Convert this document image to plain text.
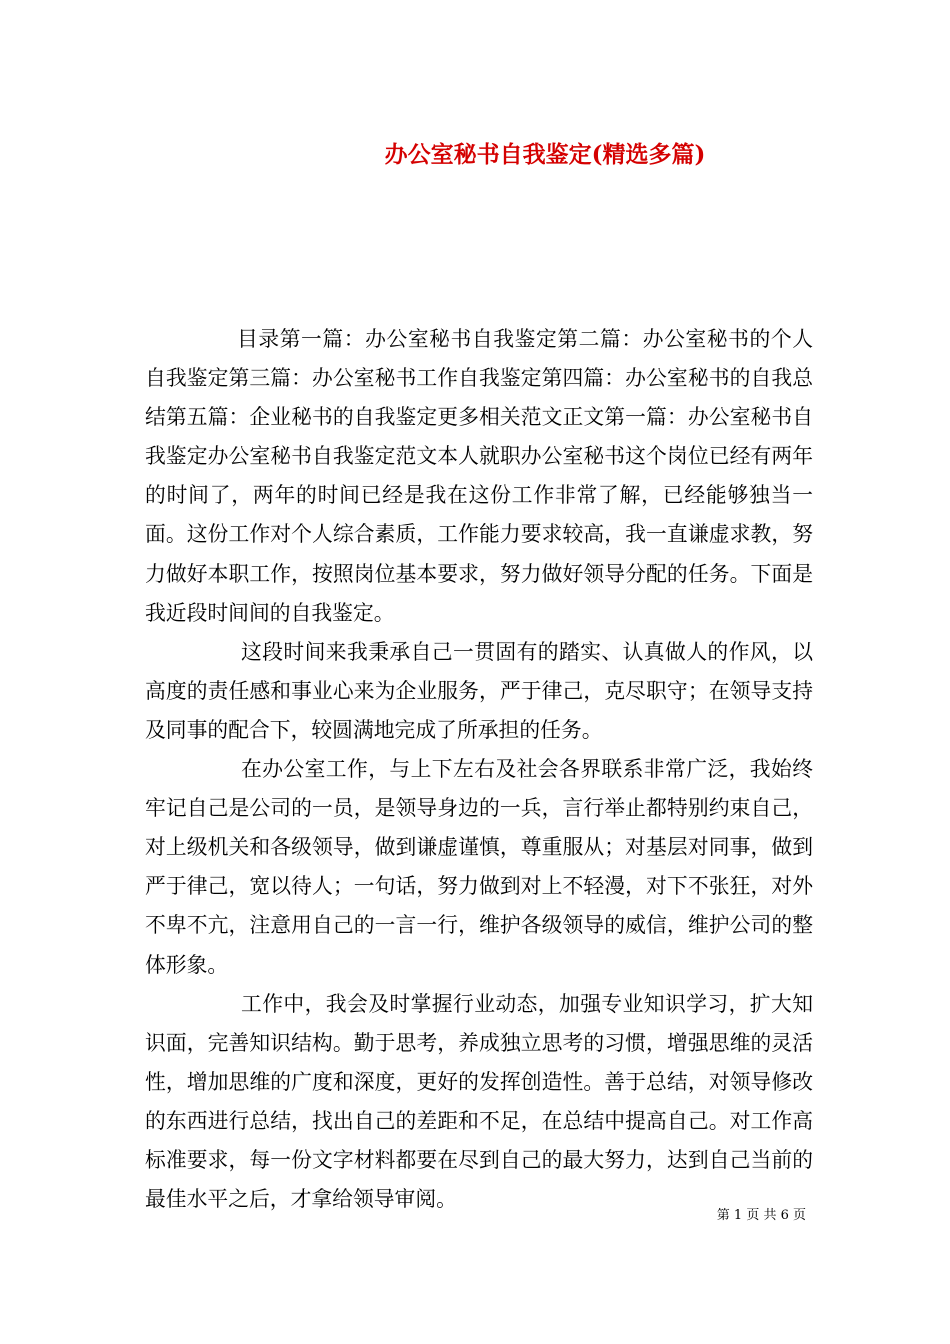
办公室秘书自我鉴定(精选多篇)

目录第一篇：办公室秘书自我鉴定第二篇：办公室秘书的个人自我鉴定第三篇：办公室秘书工作自我鉴定第四篇：办公室秘书的自我总结第五篇：企业秘书的自我鉴定更多相关范文正文第一篇：办公室秘书自我鉴定办公室秘书自我鉴定范文本人就职办公室秘书这个岗位已经有两年的时间了，两年的时间已经是我在这份工作非常了解，已经能够独当一面。这份工作对个人综合素质，工作能力要求较高，我一直谦虚求教，努力做好本职工作，按照岗位基本要求，努力做好领导分配的任务。下面是我近段时间间的自我鉴定。

这段时间来我秉承自己一贯固有的踏实、认真做人的作风，以高度的责任感和事业心来为企业服务，严于律己，克尽职守；在领导支持及同事的配合下，较圆满地完成了所承担的任务。

在办公室工作，与上下左右及社会各界联系非常广泛，我始终牢记自己是公司的一员，是领导身边的一兵，言行举止都特别约束自己，对上级机关和各级领导，做到谦虚谨慎，尊重服从；对基层对同事，做到严于律己，宽以待人；一句话，努力做到对上不轻漫，对下不张狂，对外不卑不亢，注意用自己的一言一行，维护各级领导的威信，维护公司的整体形象。

工作中，我会及时掌握行业动态，加强专业知识学习，扩大知识面，完善知识结构。勤于思考，养成独立思考的习惯，增强思维的灵活性，增加思维的广度和深度，更好的发挥创造性。善于总结，对领导修改的东西进行总结，找出自己的差距和不足，在总结中提高自己。对工作高标准要求，每一份文字材料都要在尽到自己的最大努力，达到自己当前的最佳水平之后，才拿给领导审阅。

第 1 页 共 6 页
